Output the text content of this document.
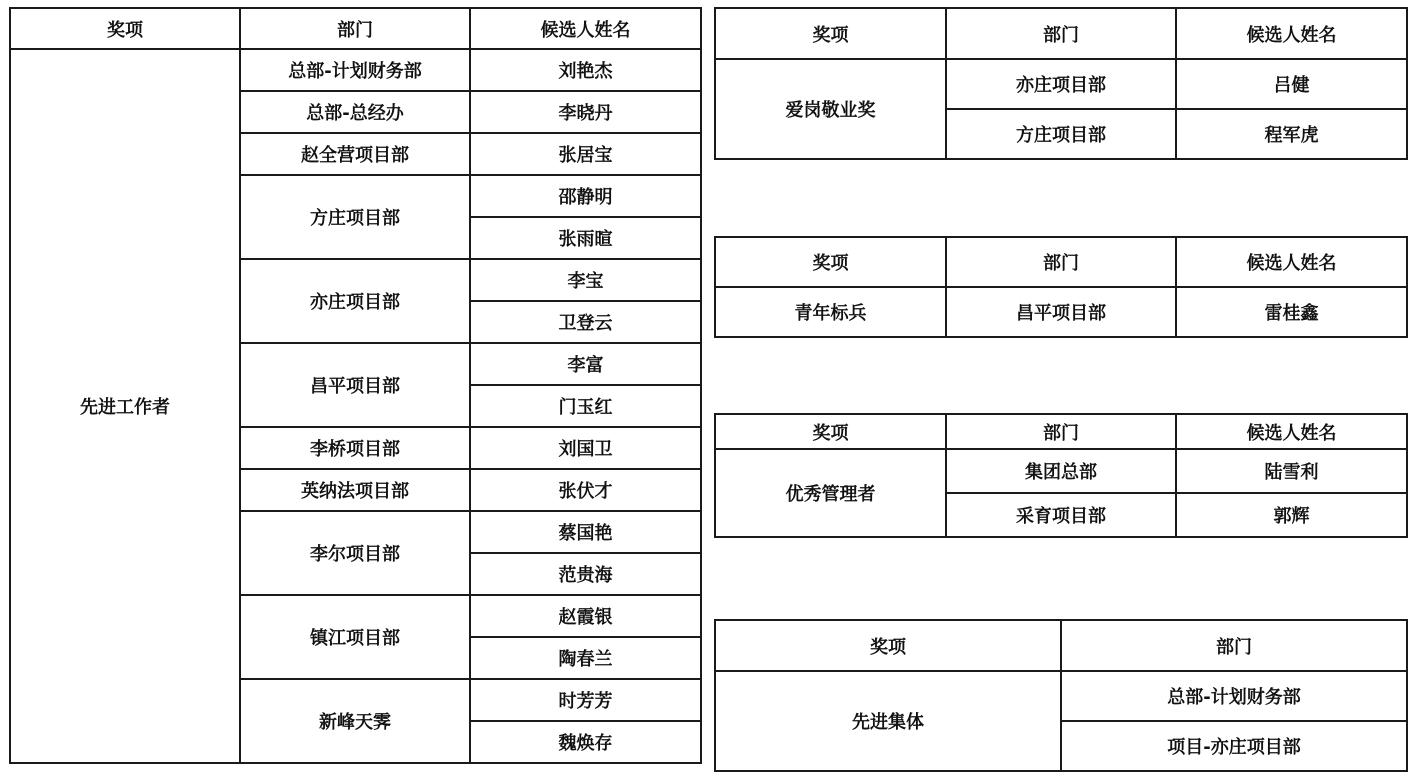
奖项	部门	候选人姓名
先进工作者	总部-计划财务部	刘艳杰
	总部-总经办	李晓丹
	赵全营项目部	张居宝
	方庄项目部	邵静明
		张雨暄
	亦庄项目部	李宝
		卫登云
	昌平项目部	李富
		门玉红
	李桥项目部	刘国卫
	英纳法项目部	张伏才
	李尔项目部	蔡国艳
		范贵海
	镇江项目部	赵霞银
		陶春兰
	新峰天霁	时芳芳
		魏焕存
奖项	部门	候选人姓名
爱岗敬业奖	亦庄项目部	吕健
	方庄项目部	程军虎
奖项	部门	候选人姓名
青年标兵	昌平项目部	雷桂鑫
奖项	部门	候选人姓名
优秀管理者	集团总部	陆雪利
	采育项目部	郭辉
奖项	部门
先进集体	总部-计划财务部
	项目-亦庄项目部
